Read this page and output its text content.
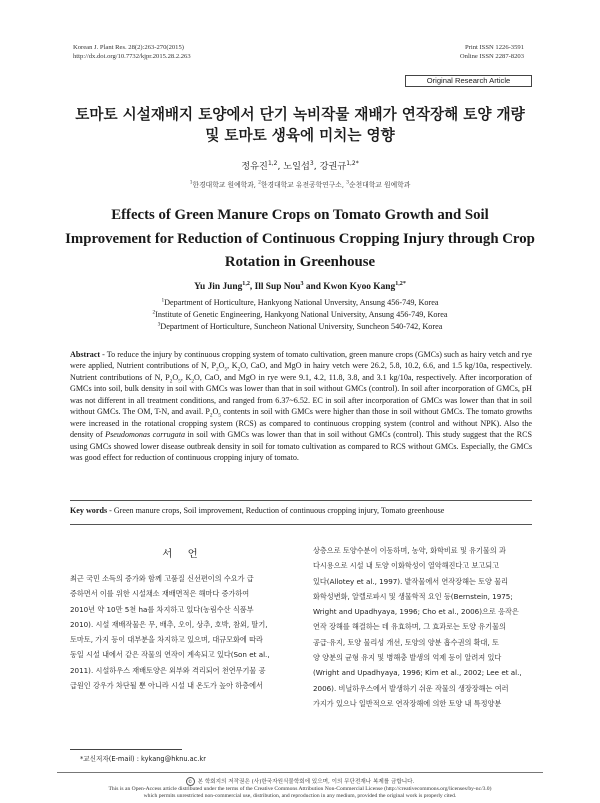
Korean J. Plant Res. 28(2):263-270(2015)
http://dx.doi.org/10.7732/kjpr.2015.28.2.263
Print ISSN 1226-3591
Online ISSN 2287-8203
Original Research Article
토마토 시설재배지 토양에서 단기 녹비작물 재배가 연작장해 토양 개량
및 토마토 생육에 미치는 영향
정유진$^{1,2}$, 노일섭$^3$, 강권규$^{1,2*}$
$^1$한경대학교 원예학과, $^2$한경대학교 유전공학연구소, $^3$순천대학교 원예학과
Effects of Green Manure Crops on Tomato Growth and Soil
Improvement for Reduction of Continuous Cropping Injury through Crop
Rotation in Greenhouse
Yu Jin Jung$^{1,2}$, Ill Sup Nou$^3$ and Kwon Kyoo Kang$^{1,2*}$
$^1$Department of Horticulture, Hankyong National Unversity, Ansung 456-749, Korea
$^2$Institute of Genetic Engineering, Hankyong National University, Ansung 456-749, Korea
$^3$Department of Horticulture, Suncheon National University, Suncheon 540-742, Korea
Abstract - To reduce the injury by continuous cropping system of tomato cultivation, green manure crops (GMCs) such as hairy vetch and rye were applied, Nutrient contributions of N, $P_2O_5$, $K_2O$, CaO, and MgO in hairy vetch were 26.2, 5.8, 10.2, 6.6, and 1.5 kg/10a, respectively. Nutrient contributions of N, $P_2O_5$, $K_2O$, CaO, and MgO in rye were 9.1, 4.2, 11.8, 3.8, and 3.1 kg/10a, respectively. After incorporation of GMCs into soil, bulk density in soil with GMCs was lower than that in soil without GMCs (control). In soil after incorporation of GMCs, pH was not different in all treatment conditions, and ranged from 6.37~6.52. EC in soil after incorporation of GMCs was lower than that in soil without GMCs. The OM, T-N, and avail. $P_2O_5$ contents in soil with GMCs were higher than those in soil without GMCs. The tomato growths were increased in the rotational cropping system (RCS) as compared to continuous cropping system (control and without NPK). Also the density of Pseudomonas corrugata in soil with GMCs was lower than that in soil without GMCs (control). This study suggest that the RCS using GMCs showed lower disease outbreak density in soil for tomato cultivation as compared to RCS without GMCs. Especially, the GMCs was good effect for reduction of continuous cropping injury of tomato.
Key words - Green manure crops, Soil improvement, Reduction of continuous cropping injury, Tomato greenhouse
서 언
최근 국민 소득의 증가와 함께 고품질 신선편이의 수요가 급
증하면서 이를 위한 시설채소 재배면적은 해마다 증가하여
2010년 약 10만 5천 ha를 차지하고 있다(농림수산 식품부
2010). 시설 재배작물은 무, 배추, 오이, 상추, 호박, 참외, 딸기,
토마토, 가지 등이 대부분을 차지하고 있으며, 대규모화에 따라
동일 시설 내에서 같은 작물의 연작이 계속되고 있다(Son et al.,
2011). 시설하우스 재배토양은 외부와 격리되어 천연무기물 공
급원인 강우가 차단될 뿐 아니라 시설 내 온도가 높아 하층에서
상층으로 토양수분이 이동하며, 농약, 화학비료 및 유기물의 과
다시용으로 시설 내 토양 이화학성이 열악해진다고 보고되고
있다(Allotey et al., 1997). 밭작물에서 연작장해는 토양 물리
화학성변화, 알렐로파시 및 생물학적 요인 등(Bernstein, 1975;
Wright and Upadhyaya, 1996; Cho et al., 2006)으로 응작은
연작 장해를 해결하는 데 유효하며, 그 효과로는 토양 유기물의
공급·유지, 토양 물리성 개선, 토양의 양분 흡수권의 확대, 토
양 양분의 균형 유지 및 병해충 발생의 억제 등이 알려져 있다
(Wright and Upadhyaya, 1996; Kim et al., 2002; Lee et al.,
2006). 비닐하우스에서 발생하기 쉬운 작물의 생장장해는 여러
가지가 있으나 일반적으로 연작장해에 의한 토양 내 특정양분
*교신저자(E-mail) : kykang@hknu.ac.kr
© 본 학회지의 저작권은 (사)한국자원식물학회에 있으며, 이의 무단전재나 복제를 금합니다.
This is an Open-Access article distributed under the terms of the Creative Commons Attribution Non-Commercial License (http://creativecommons.org/licenses/by-nc/3.0)
which permits unrestricted non-commercial use, distribution, and reproduction in any medium, provided the original work is properly cited.
